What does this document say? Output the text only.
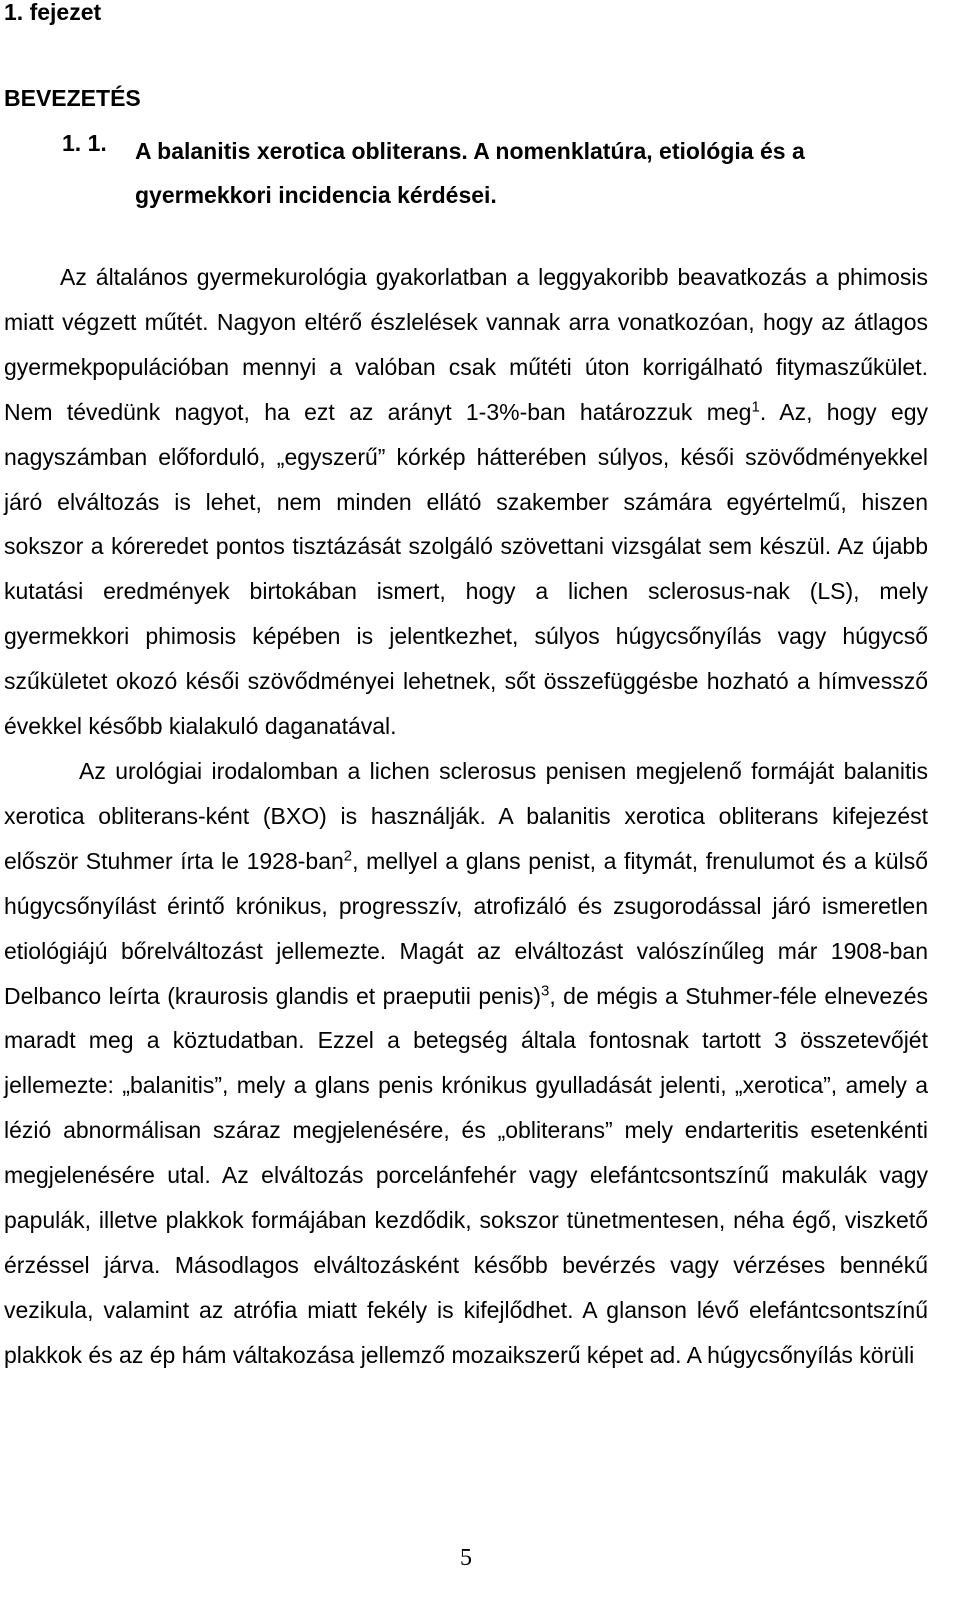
1. fejezet
BEVEZETÉS
1. 1. A balanitis xerotica obliterans. A nomenklatúra, etiológia és a gyermekkori incidencia kérdései.

Az általános gyermekurológia gyakorlatban a leggyakoribb beavatkozás a phimosis miatt végzett műtét. Nagyon eltérő észlelések vannak arra vonatkozóan, hogy az átlagos gyermekpopulációban mennyi a valóban csak műtéti úton korrigálható fitymaszűkület. Nem tévedünk nagyot, ha ezt az arányt 1-3%-ban határozzuk meg$^1$. Az, hogy egy nagyszámban előforduló, „egyszerű” kórkép hátterében súlyos, késői szövődményekkel járó elváltozás is lehet, nem minden ellátó szakember számára egyértelmű, hiszen sokszor a kóreredet pontos tisztázását szolgáló szövettani vizsgálat sem készül. Az újabb kutatási eredmények birtokában ismert, hogy a lichen sclerosus-nak (LS), mely gyermekkori phimosis képében is jelentkezhet, súlyos húgycsőnyílás vagy húgycső szűkületet okozó késői szövődményei lehetnek, sőt összefüggésbe hozható a hímvessző évekkel később kialakuló daganatával.

Az urológiai irodalomban a lichen sclerosus penisen megjelenő formáját balanitis xerotica obliterans-ként (BXO) is használják. A balanitis xerotica obliterans kifejezést először Stuhmer írta le 1928-ban$^2$, mellyel a glans penist, a fitymát, frenulumot és a külső húgycsőnyílást érintő krónikus, progresszív, atrofizáló és zsugorodással járó ismeretlen etiológiájú bőrelváltozást jellemezte. Magát az elváltozást valószínűleg már 1908-ban Delbanco leírta (kraurosis glandis et praeputii penis)$^3$, de mégis a Stuhmer-féle elnevezés maradt meg a köztudatban. Ezzel a betegség általa fontosnak tartott 3 összetevőjét jellemezte: „balanitis”, mely a glans penis krónikus gyulladását jelenti, „xerotica”, amely a lézió abnormálisan száraz megjelenésére, és „obliterans” mely endarteritis esetenkénti megjelenésére utal. Az elváltozás porcelánfehér vagy elefántcsontszínű makulák vagy papulák, illetve plakkok formájában kezdődik, sokszor tünetmentesen, néha égő, viszkető érzéssel járva. Másodlagos elváltozásként később bevérzés vagy vérzéses bennékű vezikula, valamint az atrófia miatt fekély is kifejlődhet. A glanson lévő elefántcsontszínű plakkok és az ép hám váltakozása jellemző mozaikszerű képet ad. A húgycsőnyílás körüli

5
